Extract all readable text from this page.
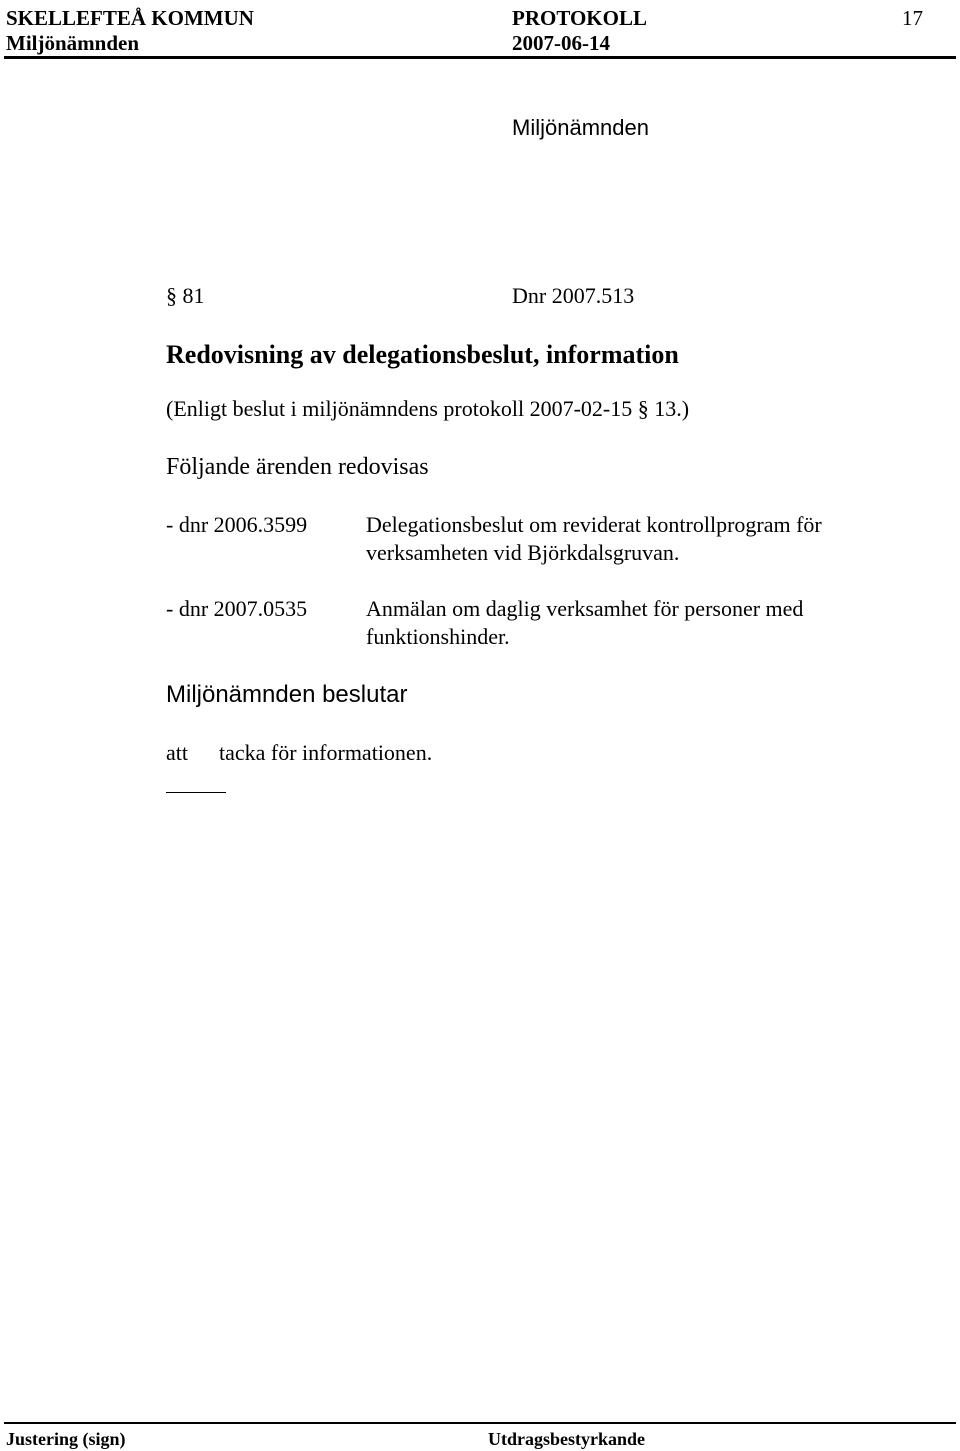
SKELLEFTEÅ KOMMUN	PROTOKOLL	17
Miljönämnden	2007-06-14
Miljönämnden
§ 81	Dnr 2007.513
Redovisning av delegationsbeslut, information
(Enligt beslut i miljönämndens protokoll 2007-02-15 § 13.)
Följande ärenden redovisas
- dnr 2006.3599	Delegationsbeslut om reviderat kontrollprogram för
verksamheten vid Björkdalsgruvan.
- dnr 2007.0535	Anmälan om daglig verksamhet för personer med
funktionshinder.
Miljönämnden beslutar
att tacka för informationen.
Justering (sign)	Utdragsbestyrkande
